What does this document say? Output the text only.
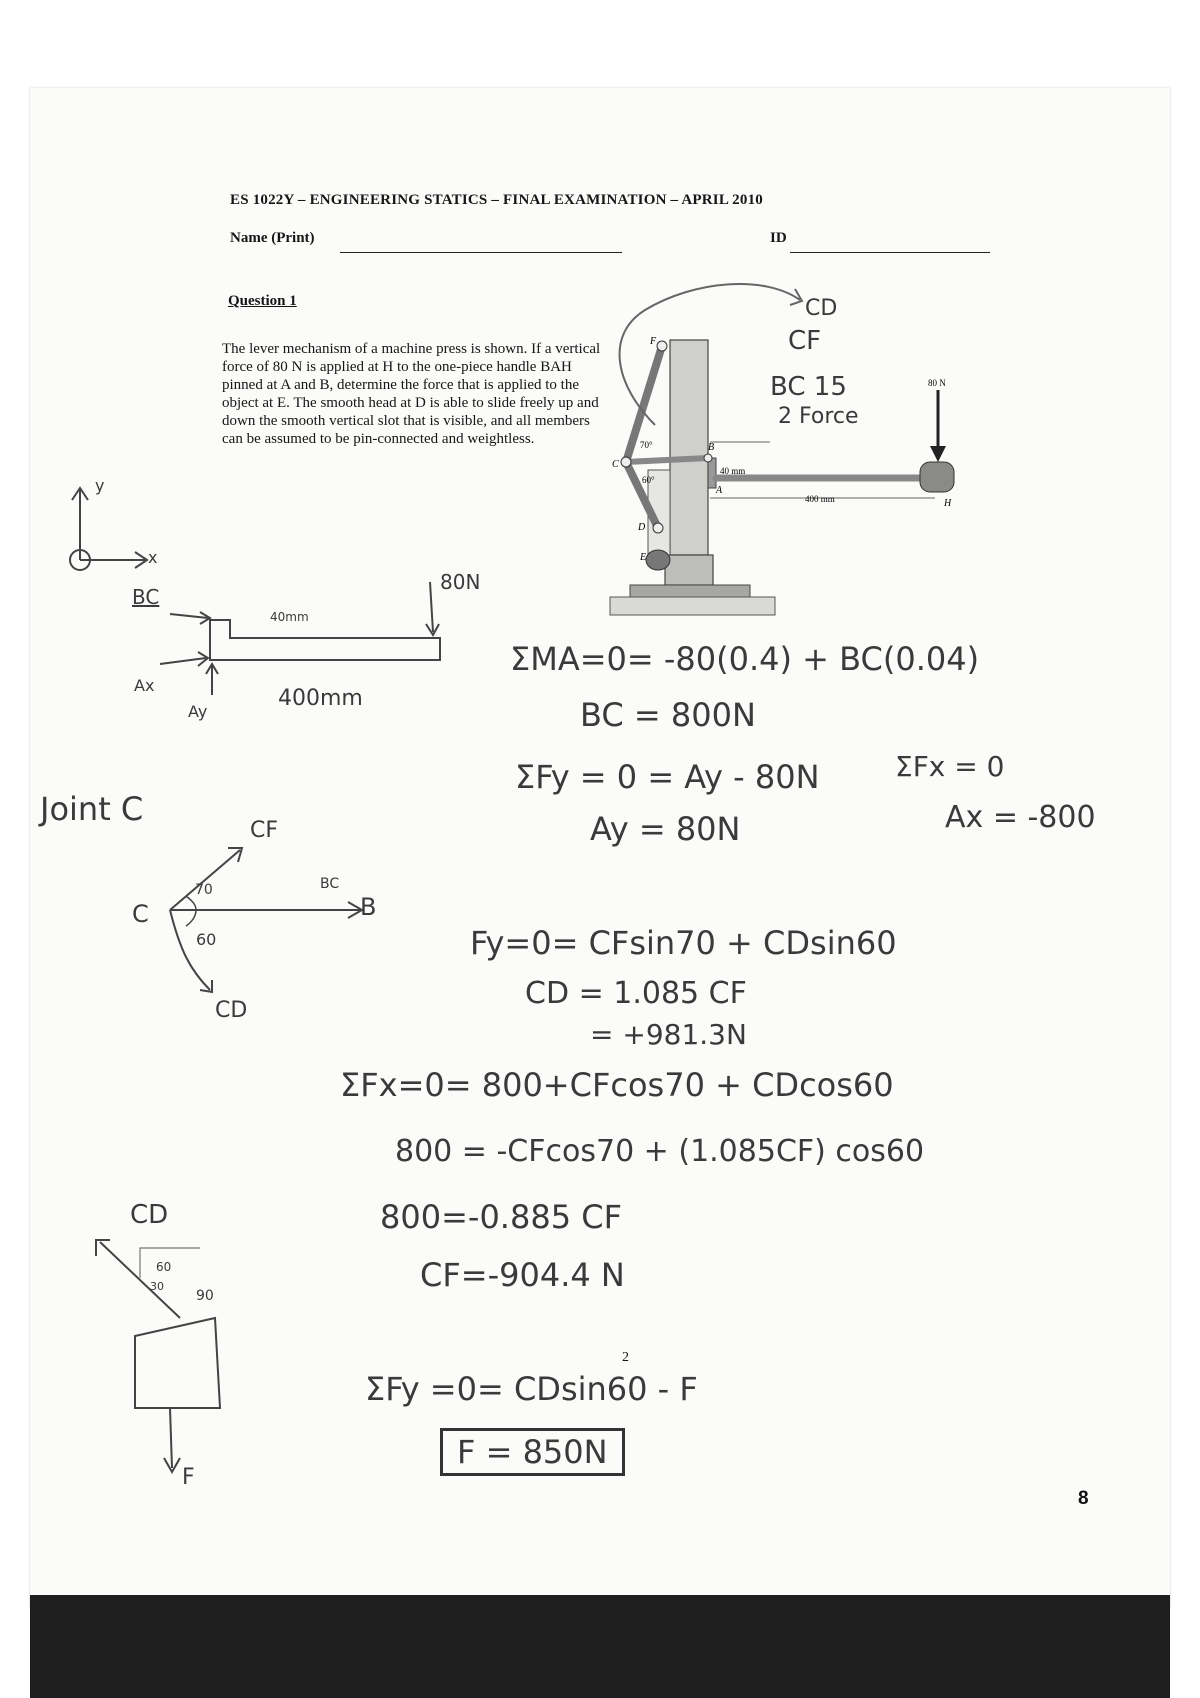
ES 1022Y – ENGINEERING STATICS – FINAL EXAMINATION – APRIL 2010
Name (Print)	ID
Question 1
The lever mechanism of a machine press is shown. If a vertical force of 80 N is applied at H to the one-piece handle BAH pinned at A and B, determine the force that is applied to the object at E. The smooth head at D is able to slide freely up and down the smooth vertical slot that is visible, and all members can be assumed to be pin-connected and weightless.
F
C
B
A
D
E
H
70°
60°
40 mm
400 mm
80 N
CD
CF
BC 15
2 Force
y
x
BC
Ax
Ay
40mm
400mm
80N
ΣMA=0= -80(0.4) + BC(0.04)
BC = 800N
ΣFy = 0 = Ay - 80N
Ay = 80N
ΣFx = 0
Ax = -800
Joint C
CF
C	B
BC
CD
70
60	Fy=0= CFsin70 + CDsin60
CD = 1.085 CF
= +981.3N
ΣFx=0= 800+CFcos70 + CDcos60
800 = -CFcos70 + (1.085CF) cos60
800=-0.885 CF
CF=-904.4 N
CD
60
30
90
F
2
ΣFy =0= CDsin60 - F
F = 850N
8
